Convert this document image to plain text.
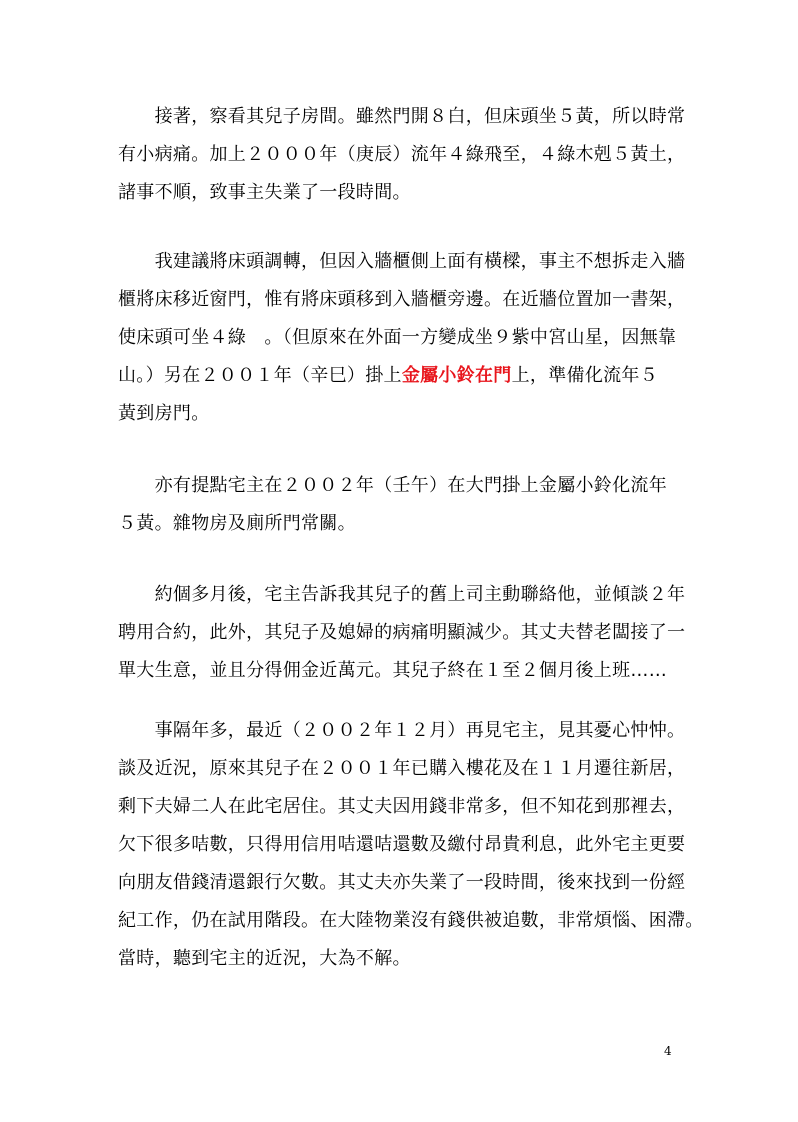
　　接著，察看其兒子房間。雖然門開８白，但床頭坐５黃，所以時常
有小病痛。加上２０００年（庚辰）流年４綠飛至，４綠木剋５黃土，
諸事不順，致事主失業了一段時間。
　　我建議將床頭調轉，但因入牆櫃側上面有橫樑，事主不想拆走入牆
櫃將床移近窗門，惟有將床頭移到入牆櫃旁邊。在近牆位置加一書架，
使床頭可坐４綠　。（但原來在外面一方變成坐９紫中宮山星，因無靠
山。）另在２００１年（辛巳）掛上金屬小鈴在門上，準備化流年５
黃到房門。
　　亦有提點宅主在２００２年（壬午）在大門掛上金屬小鈴化流年
５黃。雜物房及廁所門常關。
　　約個多月後，宅主告訴我其兒子的舊上司主動聯絡他，並傾談２年
聘用合約，此外，其兒子及媳婦的病痛明顯減少。其丈夫替老闆接了一
單大生意，並且分得佣金近萬元。其兒子終在１至２個月後上班……
　　事隔年多，最近（２００２年１２月）再見宅主，見其憂心忡忡。
談及近況，原來其兒子在２００１年已購入樓花及在１１月遷往新居，
剩下夫婦二人在此宅居住。其丈夫因用錢非常多，但不知花到那裡去，
欠下很多咭數，只得用信用咭還咭還數及繳付昂貴利息，此外宅主更要
向朋友借錢清還銀行欠數。其丈夫亦失業了一段時間，後來找到一份經
紀工作，仍在試用階段。在大陸物業沒有錢供被追數，非常煩惱、困滯。
當時，聽到宅主的近況，大為不解。
4
